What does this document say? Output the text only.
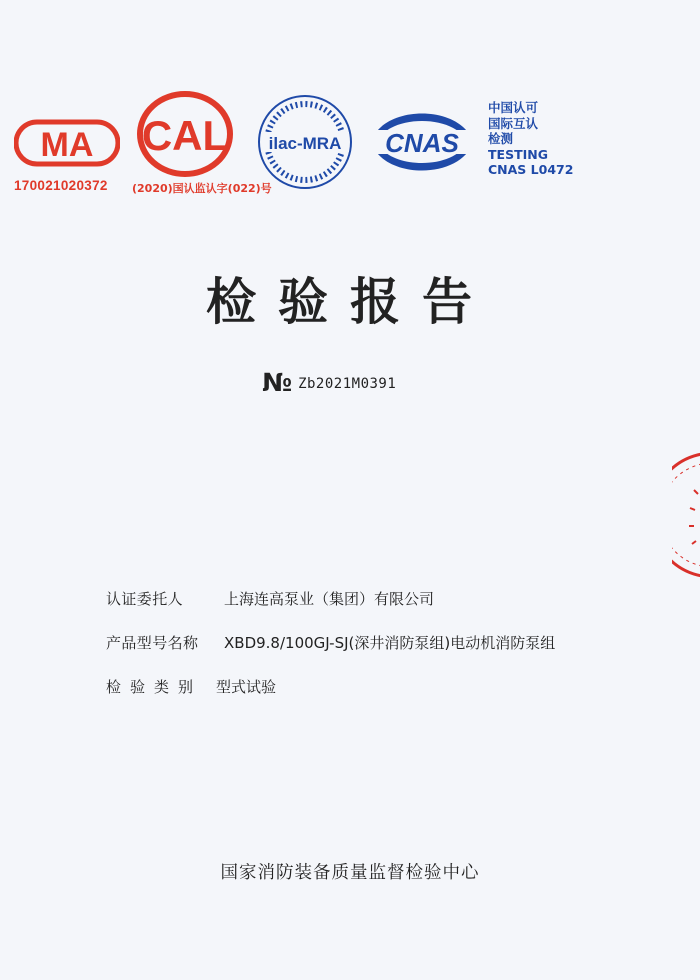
MA
170021020372
CAL
(2020)国认监认字(022)号
ilac-MRA CNAS
中国认可
国际互认
检测
TESTING
CNAS L0472
检验报告
№ Zb2021M0391
认证委托人	上海连高泵业（集团）有限公司
产品型号名称	XBD9.8/100GJ-SJ(深井消防泵组)电动机消防泵组
检验类别 型式试验
国家消防装备质量监督检验中心
